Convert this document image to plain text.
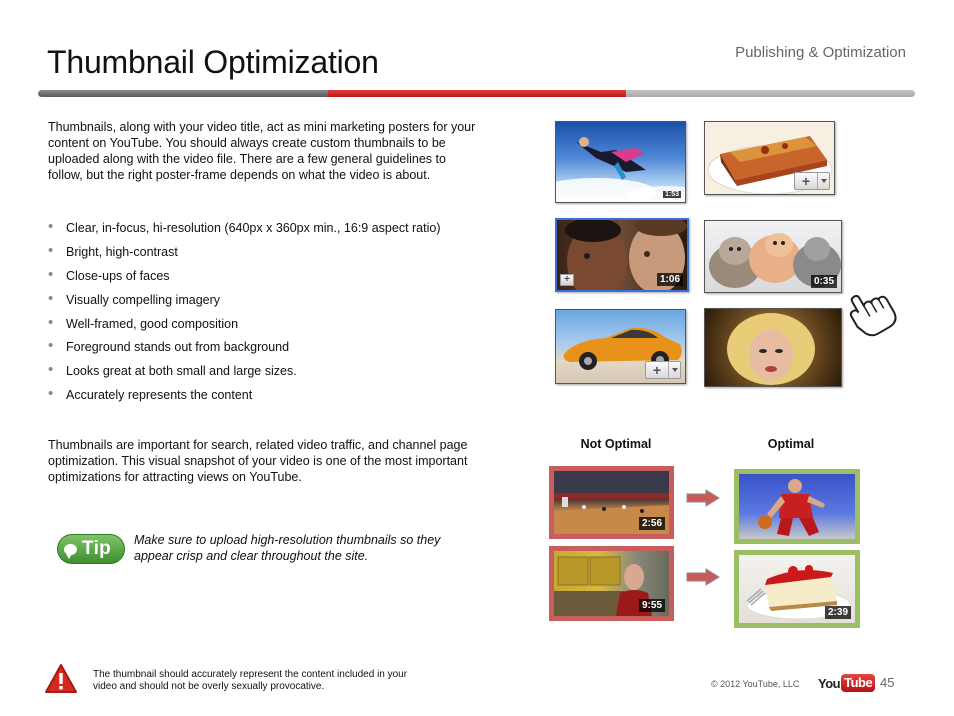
Thumbnail Optimization	Publishing & Optimization

Thumbnails, along with your video title, act as mini marketing posters for your content on YouTube. You should always create custom thumbnails to be uploaded along with the video file. There are a few general guidelines to follow, but the right poster-frame depends on what the video is about.

• Clear, in-focus, hi-resolution (640px x 360px min., 16:9 aspect ratio)
• Bright, high-contrast
• Close-ups of faces
• Visually compelling imagery
• Well-framed, good composition
• Foreground stands out from background
• Looks great at both small and large sizes.
• Accurately represents the content

Thumbnails are important for search, related video traffic, and channel page optimization. This visual snapshot of your video is one of the most important optimizations for attracting views on YouTube.

Tip Make sure to upload high-resolution thumbnails so they appear crisp and clear throughout the site.

1:53
+
+	1:06	0:35
+
Not Optimal	Optimal
2:56
9:55
2:39

The thumbnail should accurately represent the content included in your video and should not be overly sexually provocative.	© 2012 YouTube, LLC You Tube 45
